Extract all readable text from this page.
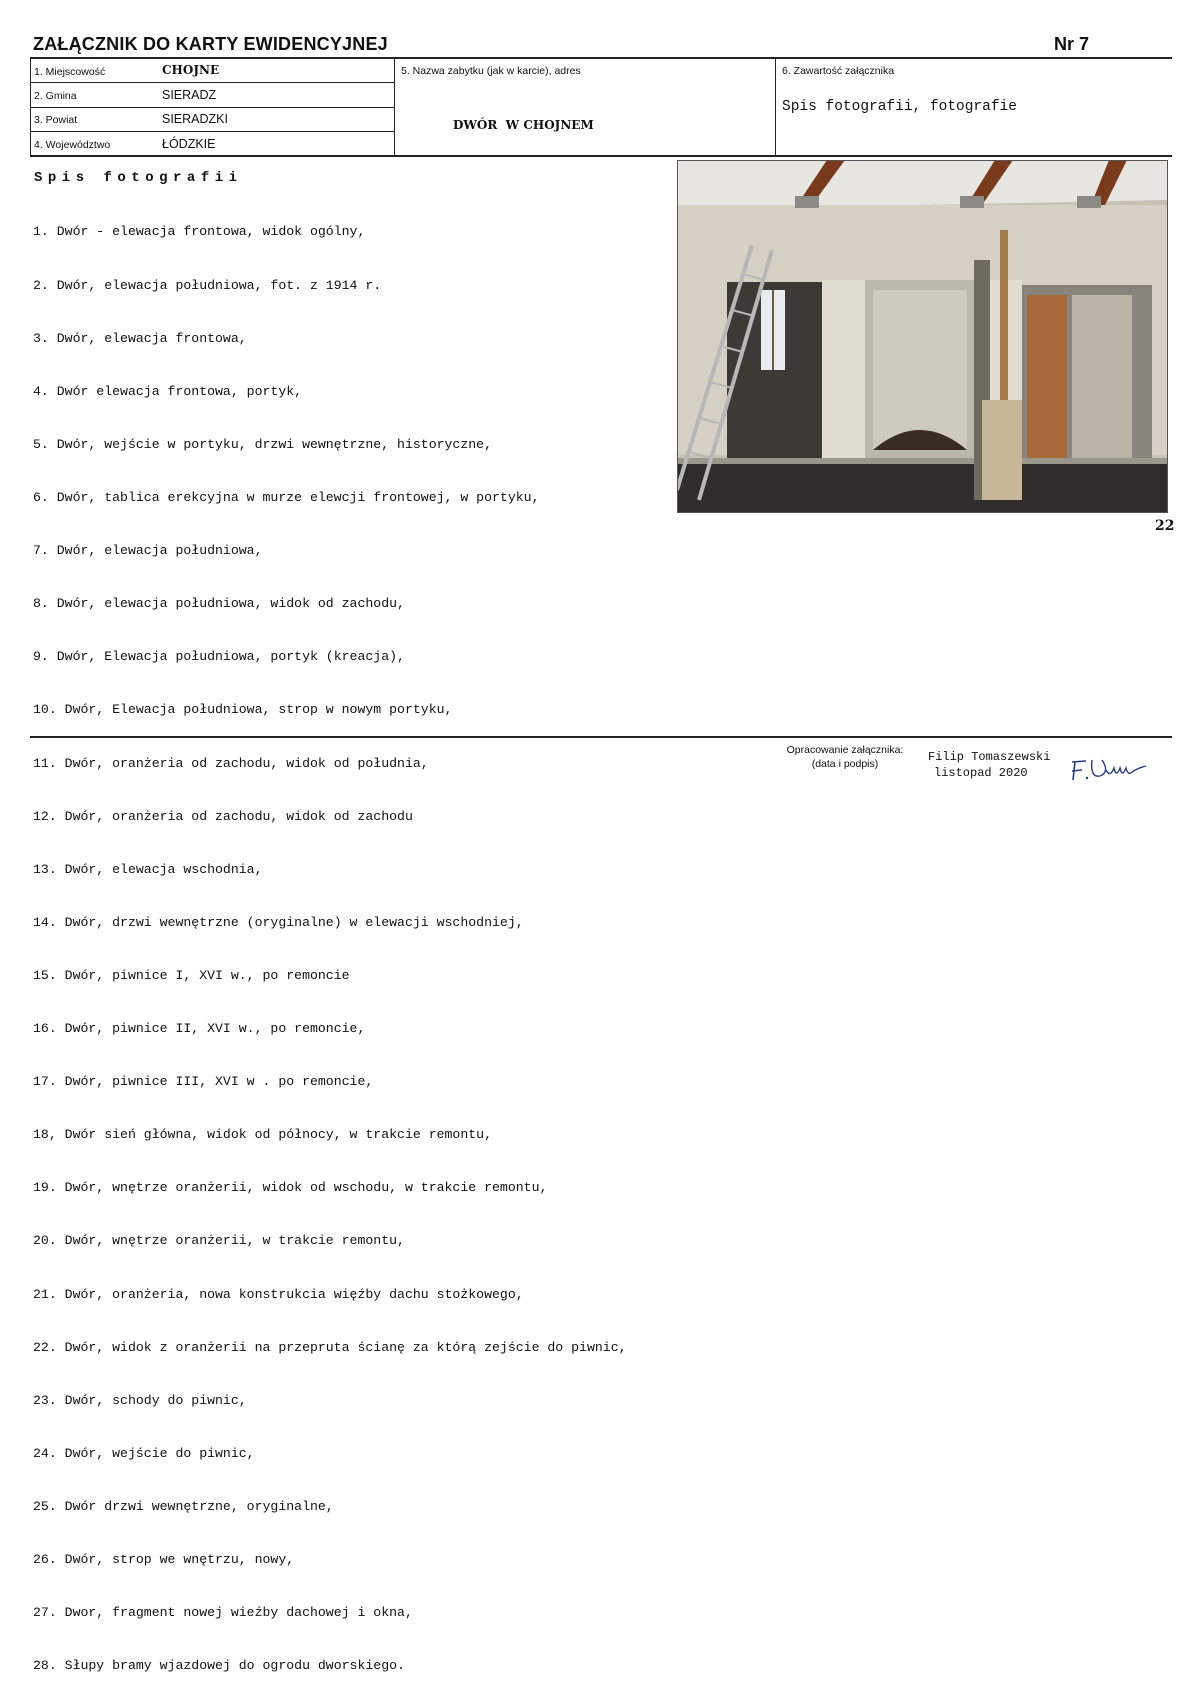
ZAŁĄCZNIK DO KARTY EWIDENCYJNEJ	Nr 7
1. Miejscowość	CHOJNE
2. Gmina	SIERADZ
3. Powiat	SIERADZKI
4. Województwo	ŁÓDZKIE
5. Nazwa zabytku (jak w karcie), adres
DWÓR  W CHOJNEM
6. Zawartość załącznika
Spis fotografii, fotografie
Spis fotografii

1. Dwór - elewacja frontowa, widok ogólny,

2. Dwór, elewacja południowa, fot. z 1914 r.

3. Dwór, elewacja frontowa,

4. Dwór elewacja frontowa, portyk,

5. Dwór, wejście w portyku, drzwi wewnętrzne, historyczne,

6. Dwór, tablica erekcyjna w murze elewcji frontowej, w portyku,

7. Dwór, elewacja południowa,

8. Dwór, elewacja południowa, widok od zachodu,

9. Dwór, Elewacja południowa, portyk (kreacja),

10. Dwór, Elewacja południowa, strop w nowym portyku,

11. Dwór, oranżeria od zachodu, widok od południa,

12. Dwór, oranżeria od zachodu, widok od zachodu

13. Dwór, elewacja wschodnia,

14. Dwór, drzwi wewnętrzne (oryginalne) w elewacji wschodniej,

15. Dwór, piwnice I, XVI w., po remoncie

16. Dwór, piwnice II, XVI w., po remoncie,

17. Dwór, piwnice III, XVI w . po remoncie,

18, Dwór sień główna, widok od północy, w trakcie remontu,

19. Dwór, wnętrze oranżerii, widok od wschodu, w trakcie remontu,

20. Dwór, wnętrze oranżerii, w trakcie remontu,

21. Dwór, oranżeria, nowa konstrukcia więźby dachu stożkowego,

22. Dwór, widok z oranżerii na przepruta ścianę za którą zejście do piwnic,

23. Dwór, schody do piwnic,

24. Dwór, wejście do piwnic,

25. Dwór drzwi wewnętrzne, oryginalne,

26. Dwór, strop we wnętrzu, nowy,

27. Dwor, fragment nowej wieźby dachowej i okna,

28. Słupy bramy wjazdowej do ogrodu dworskiego.

22
Opracowanie załącznika:
(data i podpis)	Filip Tomaszewski
listopad 2020
